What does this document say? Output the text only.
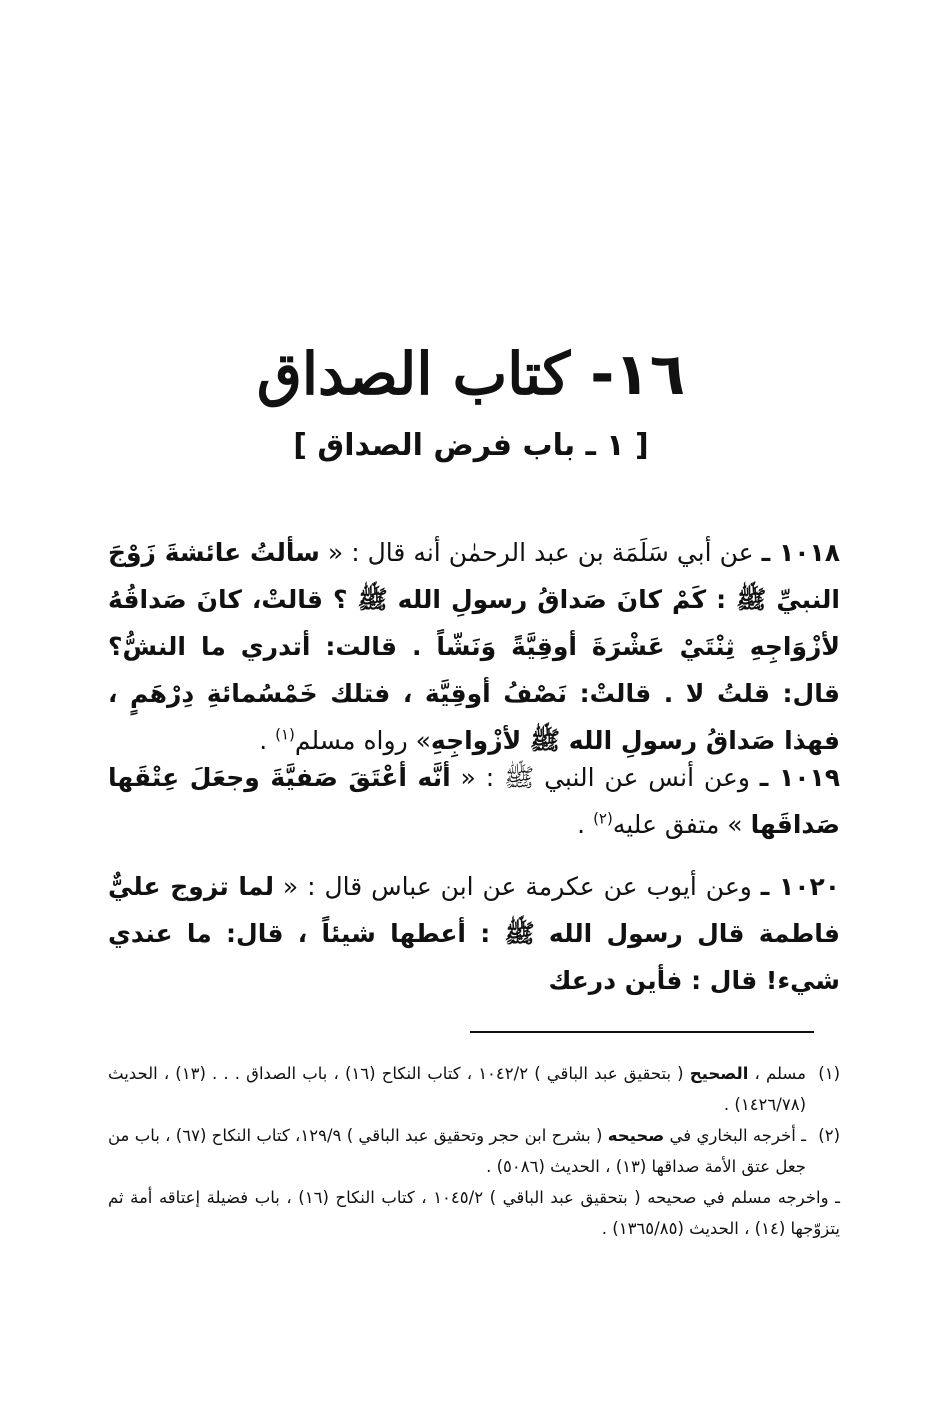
١٦- كتاب الصداق
[ ١ ـ باب فرض الصداق ]

١٠١٨ ـ عن أبي سَلَمَة بن عبد الرحمٰن أنه قال : « سألتُ عائشةَ زَوْجَ النبيِّ ﷺ : كَمْ كانَ صَداقُ رسولِ الله ﷺ ؟ قالتْ، كانَ صَداقُهُ لأزْوَاجِهِ ثِنْتَيْ عَشْرَةَ أوقِيَّةً وَنَشّاً . قالت: أتدري ما النشُّ؟ قال: قلتُ لا . قالتْ: نَصْفُ أوقِيَّة ، فتلك خَمْسُمائةِ دِرْهَمٍ ، فهذا صَداقُ رسولِ الله ﷺ لأزْواجِهِ» رواه مسلم$^{(١)}$ .

١٠١٩ ـ وعن أنس عن النبي ﷺ : « أنَّه أعْتَقَ صَفيَّةَ وجعَلَ عِتْقَها صَداقَها » متفق عليه$^{(٢)}$ .

١٠٢٠ ـ وعن أيوب عن عكرمة عن ابن عباس قال : « لما تزوج عليٌّ فاطمة قال رسول الله ﷺ : أعطها شيئاً ، قال: ما عندي شيء! قال : فأين درعك

(١)
مسلم ، الصحيح ( بتحقيق عبد الباقي ) ١٠٤٢/٢ ، كتاب النكاح (١٦) ، باب الصداق . . . (١٣) ، الحديث (١٤٢٦/٧٨) .
(٢)
ـ أخرجه البخاري في صحيحه ( بشرح ابن حجر وتحقيق عبد الباقي ) ١٢٩/٩، كتاب النكاح (٦٧) ، باب من جعل عتق الأمة صداقها (١٣) ، الحديث (٥٠٨٦) .
ـ واخرجه مسلم في صحيحه ( بتحقيق عبد الباقي ) ١٠٤٥/٢ ، كتاب النكاح (١٦) ، باب فضيلة إعتاقه أمة ثم يتزوّجها (١٤) ، الحديث (١٣٦٥/٨٥) .
